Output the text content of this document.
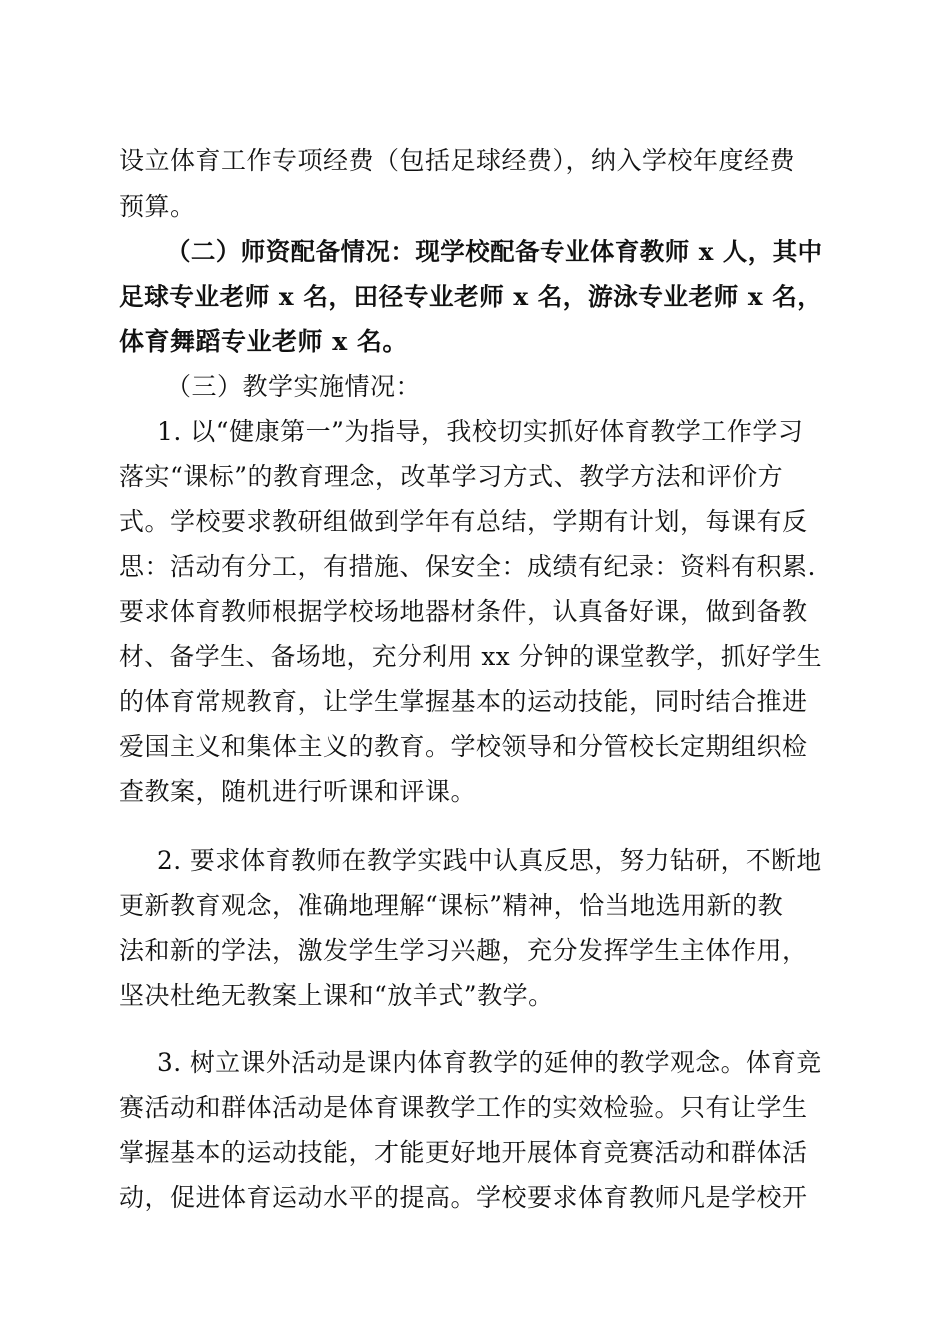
设立体育工作专项经费（包括足球经费），纳入学校年度经费
预算。
（二）师资配备情况：现学校配备专业体育教师 x 人，其中
足球专业老师 x 名，田径专业老师 x 名，游泳专业老师 x 名，
体育舞蹈专业老师 x 名。
（三）教学实施情况：
1. 以“健康第一”为指导，我校切实抓好体育教学工作学习
落实“课标”的教育理念，改革学习方式、教学方法和评价方
式。学校要求教研组做到学年有总结，学期有计划，每课有反
思：活动有分工，有措施、保安全：成绩有纪录：资料有积累.
要求体育教师根据学校场地器材条件，认真备好课，做到备教
材、备学生、备场地，充分利用 xx 分钟的课堂教学，抓好学生
的体育常规教育，让学生掌握基本的运动技能，同时结合推进
爱国主义和集体主义的教育。学校领导和分管校长定期组织检
查教案，随机进行听课和评课。
2. 要求体育教师在教学实践中认真反思，努力钻研，不断地
更新教育观念，准确地理解“课标”精神，恰当地选用新的教
法和新的学法，激发学生学习兴趣，充分发挥学生主体作用，
坚决杜绝无教案上课和“放羊式”教学。
3. 树立课外活动是课内体育教学的延伸的教学观念。体育竞
赛活动和群体活动是体育课教学工作的实效检验。只有让学生
掌握基本的运动技能，才能更好地开展体育竞赛活动和群体活
动，促进体育运动水平的提高。学校要求体育教师凡是学校开
